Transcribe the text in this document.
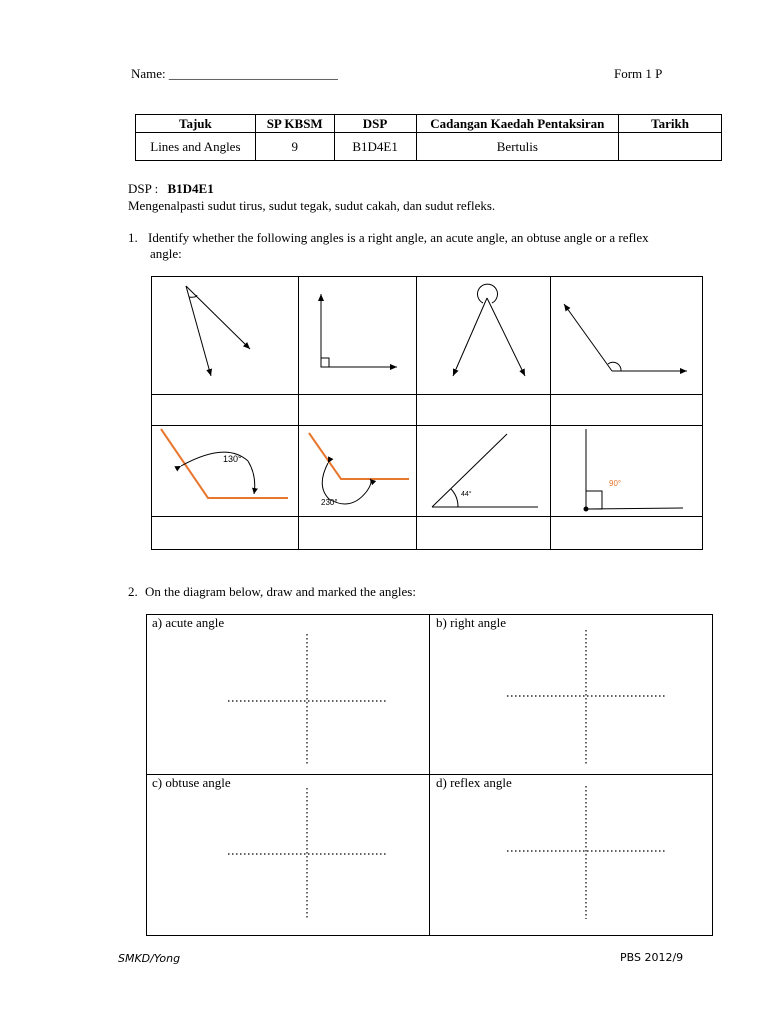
Name: __________________________	Form 1 P
Tajuk	SP KBSM	DSP	Cadangan Kaedah Pentaksiran	Tarikh
Lines and Angles	9	B1D4E1	Bertulis	
DSP : B1D4E1
Mengenalpasti sudut tirus, sudut tegak, sudut cakah, dan sudut refleks.
1. Identify whether the following angles is a right angle, an acute angle, an obtuse angle or a reflex
angle:
130°
230°
44°
90°
2. On the diagram below, draw and marked the angles:
a) acute angle	b) right angle
c) obtuse angle	d) reflex angle
SMKD/Yong	PBS 2012/9
